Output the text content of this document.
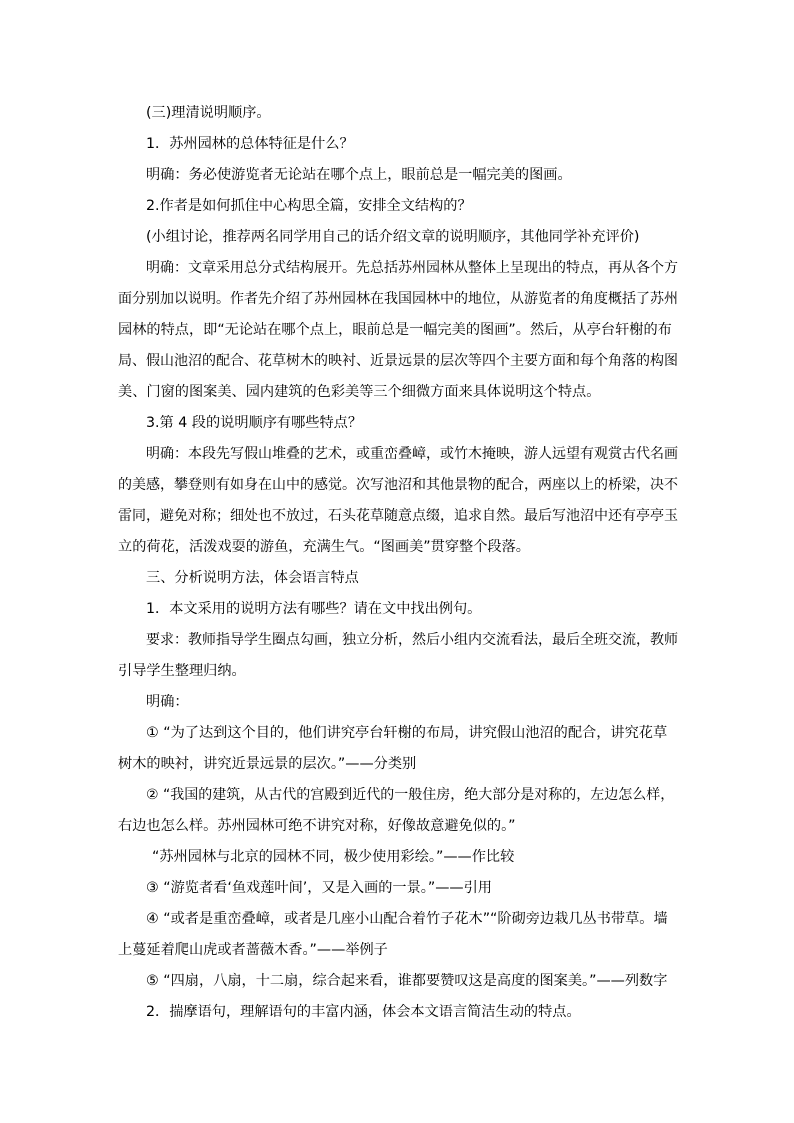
(三)理清说明顺序。
1．苏州园林的总体特征是什么？
明确：务必使游览者无论站在哪个点上，眼前总是一幅完美的图画。
2.作者是如何抓住中心构思全篇，安排全文结构的？
(小组讨论，推荐两名同学用自己的话介绍文章的说明顺序，其他同学补充评价)
明确：文章采用总分式结构展开。先总括苏州园林从整体上呈现出的特点，再从各个方
面分别加以说明。作者先介绍了苏州园林在我国园林中的地位，从游览者的角度概括了苏州
园林的特点，即“无论站在哪个点上，眼前总是一幅完美的图画”。然后，从亭台轩榭的布
局、假山池沼的配合、花草树木的映衬、近景远景的层次等四个主要方面和每个角落的构图
美、门窗的图案美、园内建筑的色彩美等三个细微方面来具体说明这个特点。
3.第 4 段的说明顺序有哪些特点？
明确：本段先写假山堆叠的艺术，或重峦叠嶂，或竹木掩映，游人远望有观赏古代名画
的美感，攀登则有如身在山中的感觉。次写池沼和其他景物的配合，两座以上的桥梁，决不
雷同，避免对称；细处也不放过，石头花草随意点缀，追求自然。最后写池沼中还有亭亭玉
立的荷花，活泼戏耍的游鱼，充满生气。“图画美”贯穿整个段落。
三、分析说明方法，体会语言特点
1．本文采用的说明方法有哪些？请在文中找出例句。
要求：教师指导学生圈点勾画，独立分析，然后小组内交流看法，最后全班交流，教师
引导学生整理归纳。
明确：
① “为了达到这个目的，他们讲究亭台轩榭的布局，讲究假山池沼的配合，讲究花草
树木的映衬，讲究近景远景的层次。”——分类别
② “我国的建筑，从古代的宫殿到近代的一般住房，绝大部分是对称的，左边怎么样，
右边也怎么样。苏州园林可绝不讲究对称，好像故意避免似的。”
“苏州园林与北京的园林不同，极少使用彩绘。”——作比较
③ “游览者看‘鱼戏莲叶间’，又是入画的一景。”——引用
④ “或者是重峦叠嶂，或者是几座小山配合着竹子花木”“阶砌旁边栽几丛书带草。墙
上蔓延着爬山虎或者蔷薇木香。”——举例子
⑤ “四扇，八扇，十二扇，综合起来看，谁都要赞叹这是高度的图案美。”——列数字
2．揣摩语句，理解语句的丰富内涵，体会本文语言简洁生动的特点。
